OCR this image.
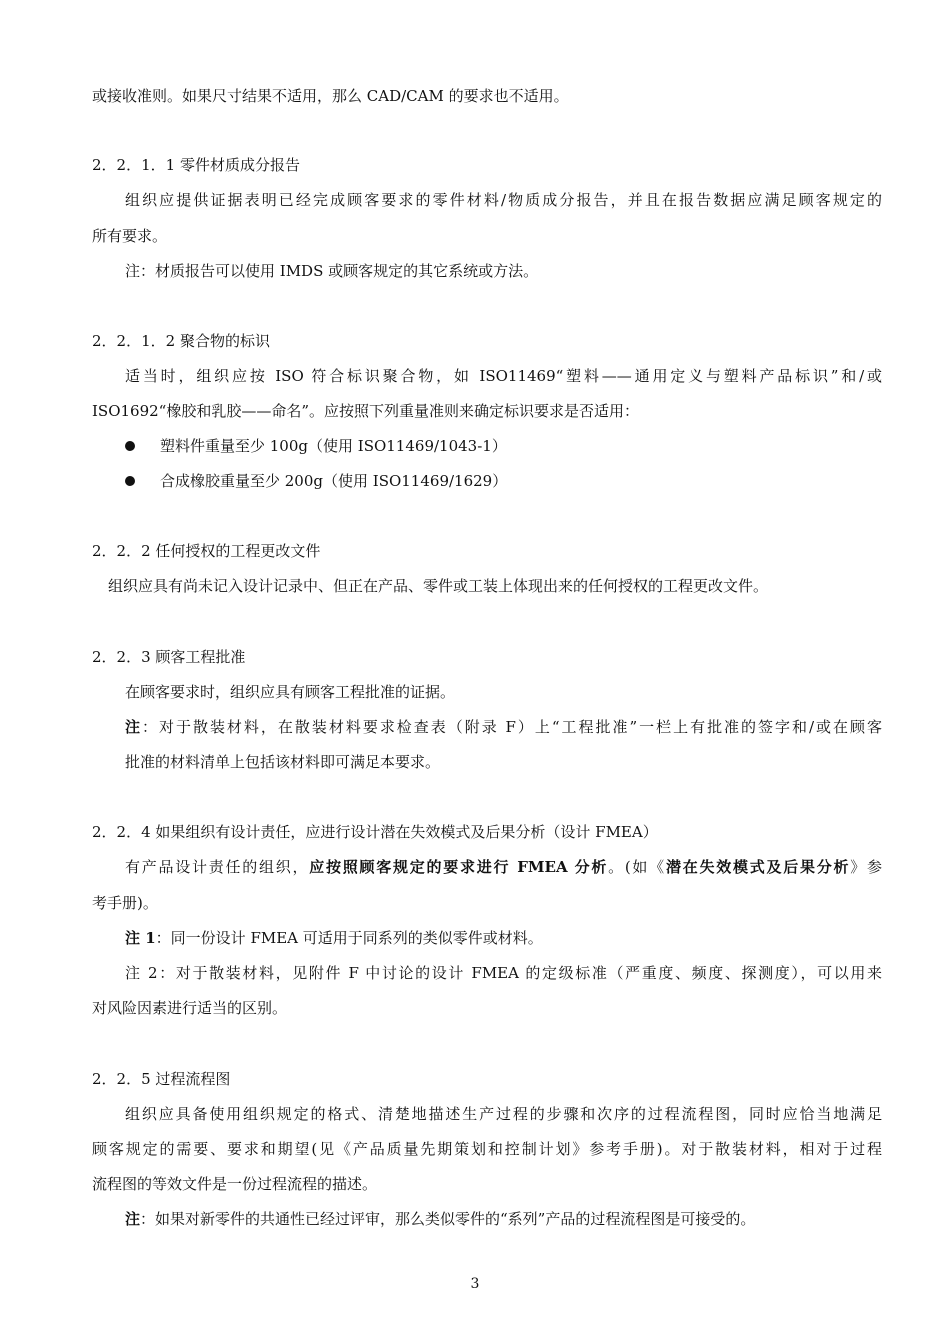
或接收准则。如果尺寸结果不适用，那么 CAD/CAM 的要求也不适用。
2．2．1．1 零件材质成分报告
组织应提供证据表明已经完成顾客要求的零件材料/物质成分报告，并且在报告数据应满足顾客规定的
所有要求。
注：材质报告可以使用 IMDS 或顾客规定的其它系统或方法。
2．2．1．2 聚合物的标识
适当时，组织应按 ISO 符合标识聚合物，如 ISO11469“塑料——通用定义与塑料产品标识”和/或
ISO1692“橡胶和乳胶——命名”。应按照下列重量准则来确定标识要求是否适用：
塑料件重量至少 100g（使用 ISO11469/1043-1）
合成橡胶重量至少 200g（使用 ISO11469/1629）
2．2．2 任何授权的工程更改文件
组织应具有尚未记入设计记录中、但正在产品、零件或工装上体现出来的任何授权的工程更改文件。
2．2．3 顾客工程批准
在顾客要求时，组织应具有顾客工程批准的证据。
注：对于散装材料，在散装材料要求检查表（附录 F）上“工程批准”一栏上有批准的签字和/或在顾客
批准的材料清单上包括该材料即可满足本要求。
2．2．4 如果组织有设计责任，应进行设计潜在失效模式及后果分析（设计 FMEA）
有产品设计责任的组织，应按照顾客规定的要求进行 FMEA 分析。(如《潜在失效模式及后果分析》参
考手册)。
注 1：同一份设计 FMEA 可适用于同系列的类似零件或材料。
注 2：对于散装材料，见附件 F 中讨论的设计 FMEA 的定级标准（严重度、频度、探测度），可以用来
对风险因素进行适当的区别。
2．2．5 过程流程图
组织应具备使用组织规定的格式、清楚地描述生产过程的步骤和次序的过程流程图，同时应恰当地满足
顾客规定的需要、要求和期望(见《产品质量先期策划和控制计划》参考手册)。对于散装材料，相对于过程
流程图的等效文件是一份过程流程的描述。
注：如果对新零件的共通性已经过评审，那么类似零件的“系列”产品的过程流程图是可接受的。
3
